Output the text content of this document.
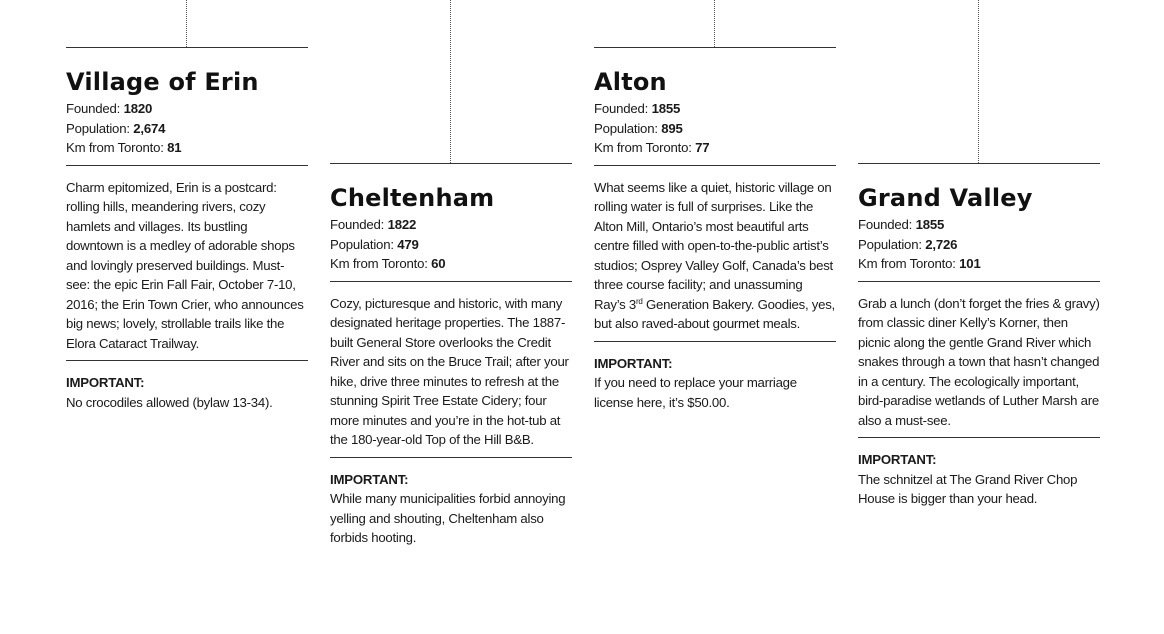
Village of Erin
Founded: 1820
Population: 2,674
Km from Toronto: 81
Charm epitomized, Erin is a postcard: rolling hills, meandering rivers, cozy hamlets and villages. Its bustling downtown is a medley of adorable shops and lovingly preserved buildings. Must-see: the epic Erin Fall Fair, October 7-10, 2016; the Erin Town Crier, who announces big news; lovely, strollable trails like the Elora Cataract Trailway.
IMPORTANT:
No crocodiles allowed (bylaw 13-34).
Cheltenham
Founded: 1822
Population: 479
Km from Toronto: 60
Cozy, picturesque and historic, with many designated heritage properties. The 1887-built General Store overlooks the Credit River and sits on the Bruce Trail; after your hike, drive three minutes to refresh at the stunning Spirit Tree Estate Cidery; four more minutes and you’re in the hot-tub at the 180-year-old Top of the Hill B&B.
IMPORTANT:
While many municipalities forbid annoying yelling and shouting, Cheltenham also forbids hooting.
Alton
Founded: 1855
Population: 895
Km from Toronto: 77
What seems like a quiet, historic village on rolling water is full of surprises. Like the Alton Mill, Ontario’s most beautiful arts centre filled with open-to-the-public artist’s studios; Osprey Valley Golf, Canada’s best three course facility; and unassuming Ray’s 3rd Generation Bakery. Goodies, yes, but also raved-about gourmet meals.
IMPORTANT:
If you need to replace your marriage license here, it’s $50.00.
Grand Valley
Founded: 1855
Population: 2,726
Km from Toronto: 101
Grab a lunch (don’t forget the fries & gravy) from classic diner Kelly’s Korner, then picnic along the gentle Grand River which snakes through a town that hasn’t changed in a century. The ecologically important, bird-paradise wetlands of Luther Marsh are also a must-see.
IMPORTANT:
The schnitzel at The Grand River Chop House is bigger than your head.
